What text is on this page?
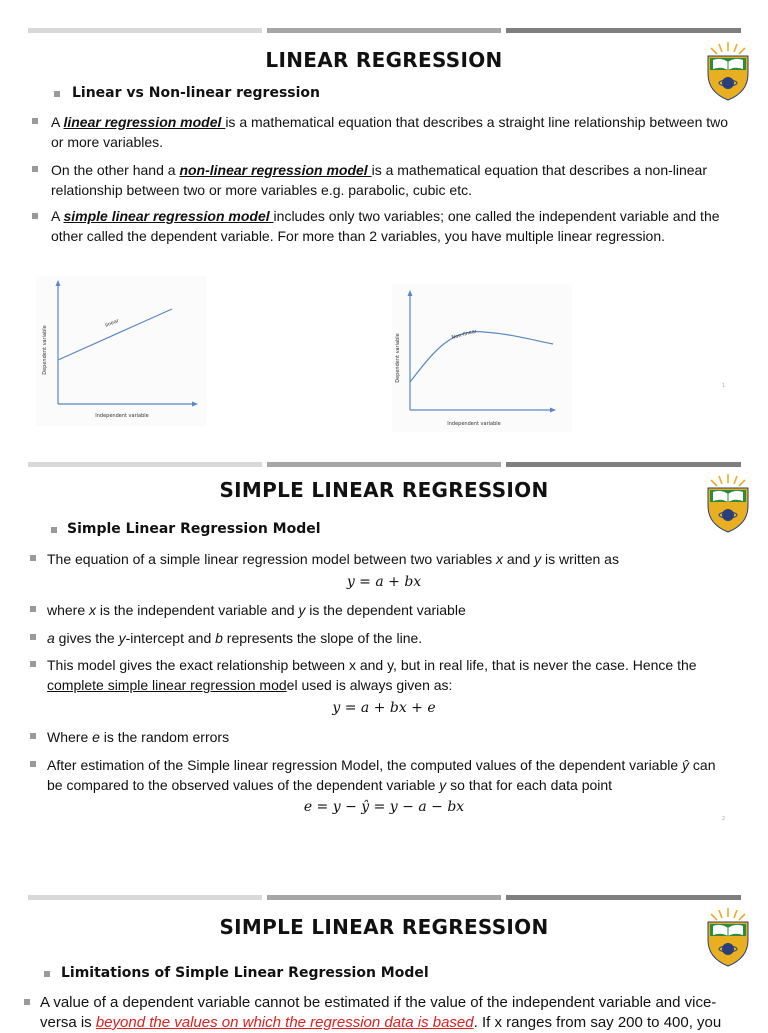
LINEAR REGRESSION
Linear vs Non-linear regression
A linear regression model is a mathematical equation that describes a straight line relationship between two
or more variables.
On the other hand a non-linear regression model is a mathematical equation that describes a non-linear
relationship between two or more variables e.g. parabolic, cubic etc.
A simple linear regression model includes only two variables; one called the independent variable and the
other called the dependent variable. For more than 2 variables, you have multiple linear regression.
linear
Independent variable
Dependent variable	Non-linear
Independent variable
Dependent variable
1
SIMPLE LINEAR REGRESSION
Simple Linear Regression Model
The equation of a simple linear regression model between two variables x and y is written as
y = a + bx
where x is the independent variable and y is the dependent variable
a gives the y-intercept and b represents the slope of the line.
This model gives the exact relationship between x and y, but in real life, that is never the case. Hence the
complete simple linear regression model used is always given as:
y = a + bx + e
Where e is the random errors
After estimation of the Simple linear regression Model, the computed values of the dependent variable ŷ can
be compared to the observed values of the dependent variable y so that for each data point
e = y − ŷ = y − a − bx
2
SIMPLE LINEAR REGRESSION
Limitations of Simple Linear Regression Model
A value of a dependent variable cannot be estimated if the value of the independent variable and vice-
versa is beyond the values on which the regression data is based. If x ranges from say 200 to 400, you
